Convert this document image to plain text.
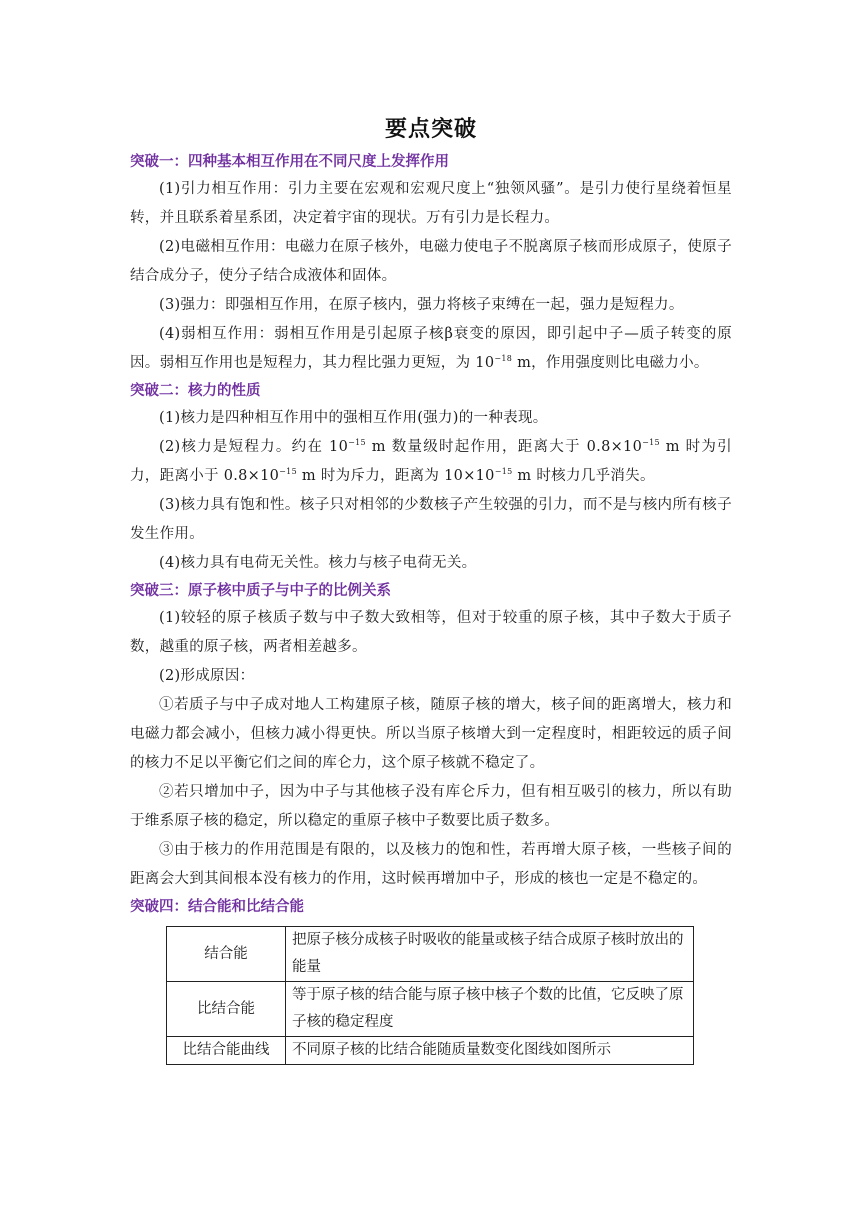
要点突破

突破一：四种基本相互作用在不同尺度上发挥作用

(1)引力相互作用：引力主要在宏观和宏观尺度上“独领风骚”。是引力使行星绕着恒星转，并且联系着星系团，决定着宇宙的现状。万有引力是长程力。

(2)电磁相互作用：电磁力在原子核外，电磁力使电子不脱离原子核而形成原子，使原子结合成分子，使分子结合成液体和固体。

(3)强力：即强相互作用，在原子核内，强力将核子束缚在一起，强力是短程力。

(4)弱相互作用：弱相互作用是引起原子核β衰变的原因，即引起中子—质子转变的原因。弱相互作用也是短程力，其力程比强力更短，为 $10^{-18}$ m，作用强度则比电磁力小。

突破二：核力的性质

(1)核力是四种相互作用中的强相互作用(强力)的一种表现。

(2)核力是短程力。约在 $10^{-15}$ m 数量级时起作用，距离大于 $0.8\times 10^{-15}$ m 时为引力，距离小于 $0.8\times 10^{-15}$ m 时为斥力，距离为 $10\times 10^{-15}$ m 时核力几乎消失。

(3)核力具有饱和性。核子只对相邻的少数核子产生较强的引力，而不是与核内所有核子发生作用。

(4)核力具有电荷无关性。核力与核子电荷无关。

突破三：原子核中质子与中子的比例关系

(1)较轻的原子核质子数与中子数大致相等，但对于较重的原子核，其中子数大于质子数，越重的原子核，两者相差越多。

(2)形成原因：

①若质子与中子成对地人工构建原子核，随原子核的增大，核子间的距离增大，核力和电磁力都会减小，但核力减小得更快。所以当原子核增大到一定程度时，相距较远的质子间的核力不足以平衡它们之间的库仑力，这个原子核就不稳定了。

②若只增加中子，因为中子与其他核子没有库仑斥力，但有相互吸引的核力，所以有助于维系原子核的稳定，所以稳定的重原子核中子数要比质子数多。

③由于核力的作用范围是有限的，以及核力的饱和性，若再增大原子核，一些核子间的距离会大到其间根本没有核力的作用，这时候再增加中子，形成的核也一定是不稳定的。

突破四：结合能和比结合能

结合能	把原子核分成核子时吸收的能量或核子结合成原子核时放出的能量
比结合能	等于原子核的结合能与原子核中核子个数的比值，它反映了原子核的稳定程度
比结合能曲线	不同原子核的比结合能随质量数变化图线如图所示
